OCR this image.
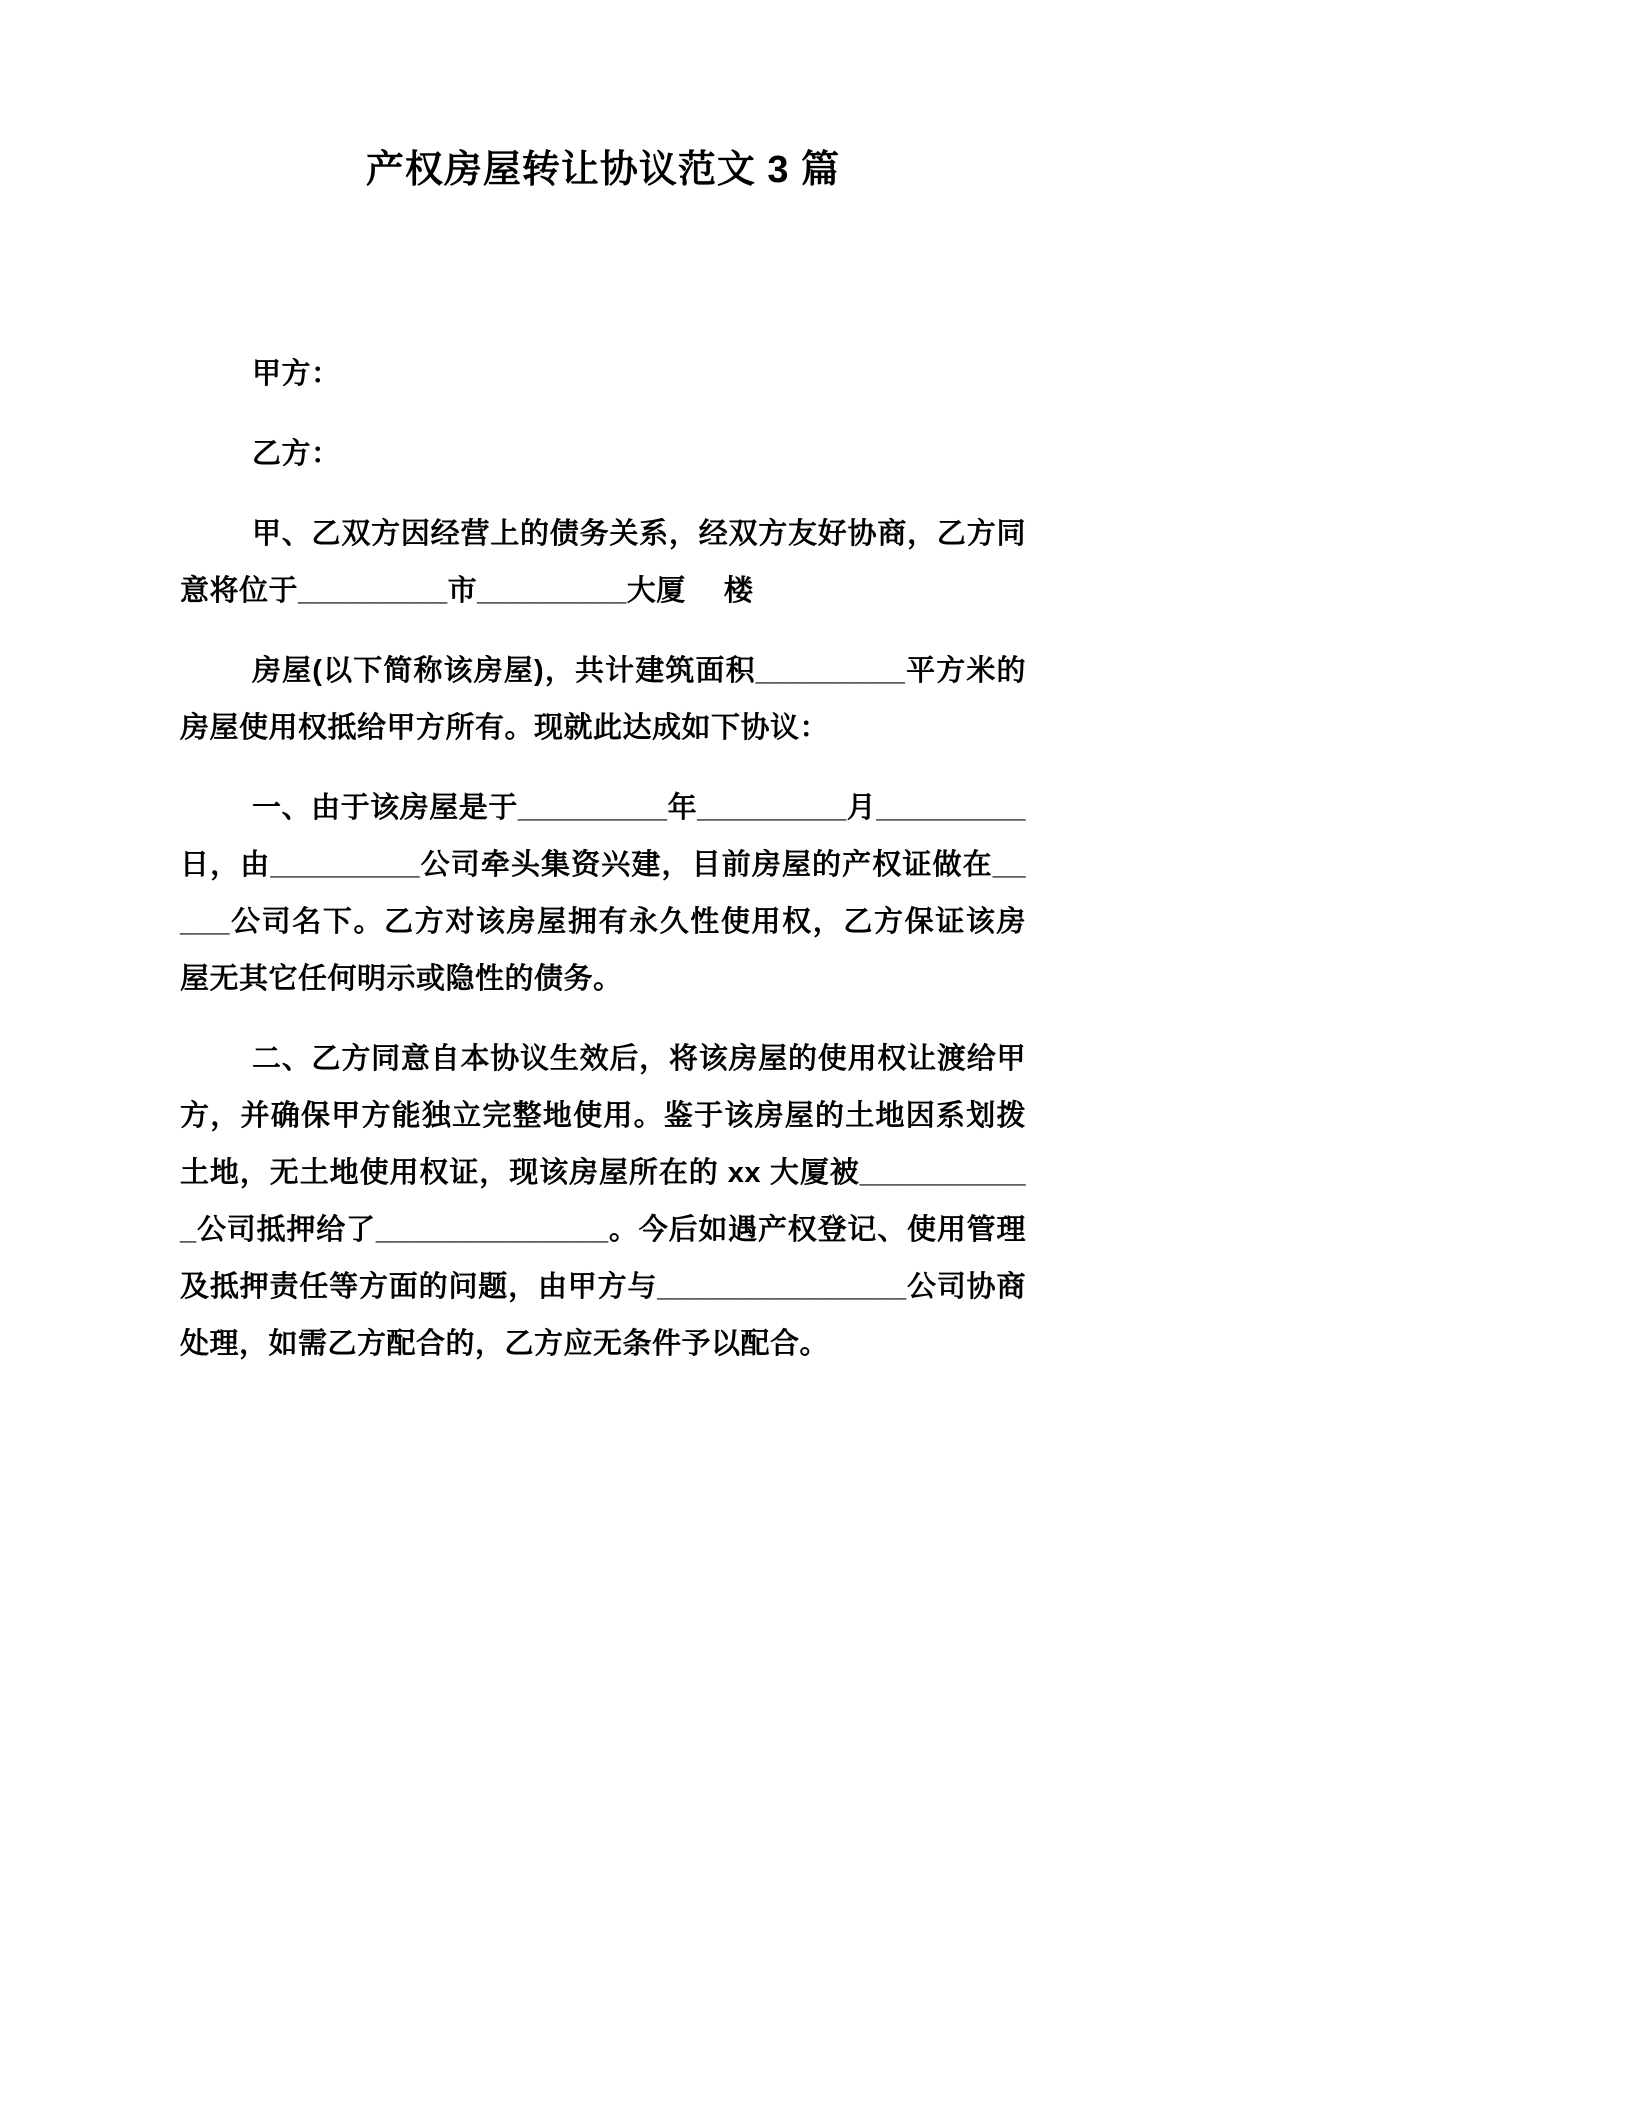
产权房屋转让协议范文 3 篇

甲方：

乙方：

甲、乙双方因经营上的债务关系，经双方友好协商，乙方同意将位于_________市_________大厦　 楼

房屋(以下简称该房屋)，共计建筑面积_________平方米的房屋使用权抵给甲方所有。现就此达成如下协议：

一、由于该房屋是于_________年_________月_________日，由_________公司牵头集资兴建，目前房屋的产权证做在_____公司名下。乙方对该房屋拥有永久性使用权，乙方保证该房屋无其它任何明示或隐性的债务。

二、乙方同意自本协议生效后，将该房屋的使用权让渡给甲方，并确保甲方能独立完整地使用。鉴于该房屋的土地因系划拨土地，无土地使用权证，现该房屋所在的 xx 大厦被___________公司抵押给了______________。今后如遇产权登记、使用管理及抵押责任等方面的问题，由甲方与_______________公司协商处理，如需乙方配合的，乙方应无条件予以配合。
